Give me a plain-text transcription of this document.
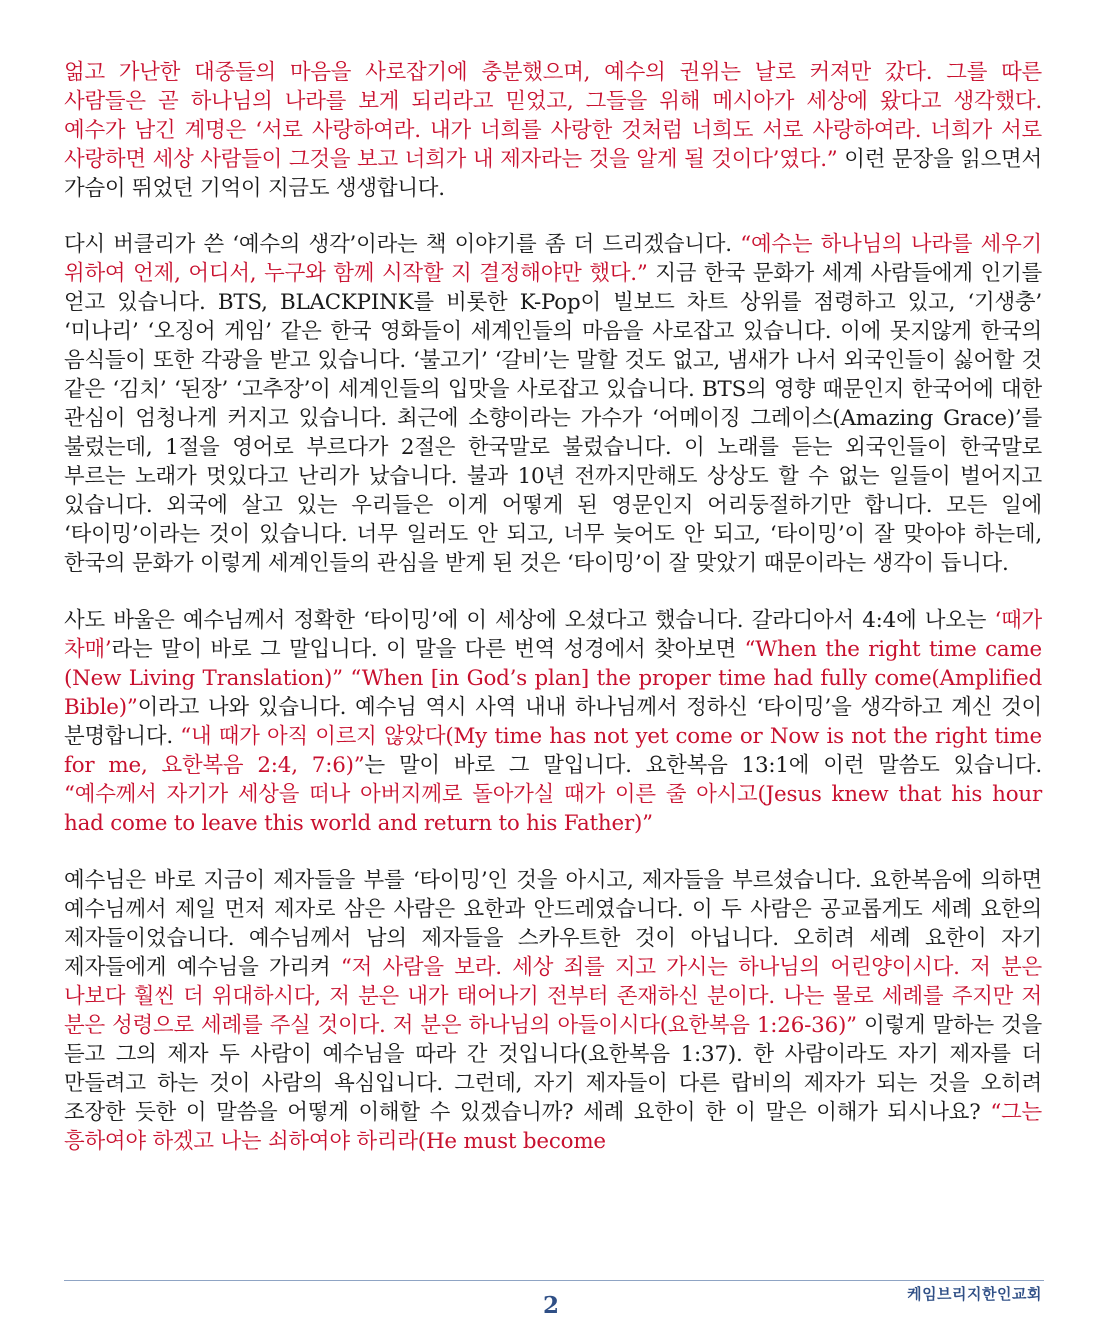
얾고 가난한 대중들의 마음을 사로잡기에 충분했으며, 예수의 권위는 날로 커져만 갔다. 그를 따른 사람들은 곧 하나님의 나라를 보게 되리라고 믿었고, 그들을 위해 메시아가 세상에 왔다고 생각했다. 예수가 남긴 계명은 ‘서로 사랑하여라. 내가 너희를 사랑한 것처럼 너희도 서로 사랑하여라. 너희가 서로 사랑하면 세상 사람들이 그것을 보고 너희가 내 제자라는 것을 알게 될 것이다’였다.” 이런 문장을 읽으면서 가슴이 뛰었던 기억이 지금도 생생합니다.

다시 버클리가 쓴 ‘예수의 생각’이라는 책 이야기를 좀 더 드리겠습니다. “예수는 하나님의 나라를 세우기 위하여 언제, 어디서, 누구와 함께 시작할 지 결정해야만 했다.” 지금 한국 문화가 세계 사람들에게 인기를 얻고 있습니다. BTS, BLACKPINK를 비롯한 K-Pop이 빌보드 차트 상위를 점령하고 있고, ‘기생충’ ‘미나리’ ‘오징어 게임’ 같은 한국 영화들이 세계인들의 마음을 사로잡고 있습니다. 이에 못지않게 한국의 음식들이 또한 각광을 받고 있습니다. ‘불고기’ ‘갈비’는 말할 것도 없고, 냄새가 나서 외국인들이 싫어할 것 같은 ‘김치’ ‘된장’ ‘고추장’이 세계인들의 입맛을 사로잡고 있습니다. BTS의 영향 때문인지 한국어에 대한 관심이 엄청나게 커지고 있습니다. 최근에 소향이라는 가수가 ‘어메이징 그레이스(Amazing Grace)’를 불렀는데, 1절을 영어로 부르다가 2절은 한국말로 불렀습니다. 이 노래를 듣는 외국인들이 한국말로 부르는 노래가 멋있다고 난리가 났습니다. 불과 10년 전까지만해도 상상도 할 수 없는 일들이 벌어지고 있습니다. 외국에 살고 있는 우리들은 이게 어떻게 된 영문인지 어리둥절하기만 합니다. 모든 일에 ‘타이밍’이라는 것이 있습니다. 너무 일러도 안 되고, 너무 늦어도 안 되고, ‘타이밍’이 잘 맞아야 하는데, 한국의 문화가 이렇게 세계인들의 관심을 받게 된 것은 ‘타이밍’이 잘 맞았기 때문이라는 생각이 듭니다.

사도 바울은 예수님께서 정확한 ‘타이밍’에 이 세상에 오셨다고 했습니다. 갈라디아서 4:4에 나오는 ‘때가 차매’라는 말이 바로 그 말입니다. 이 말을 다른 번역 성경에서 찾아보면 “When the right time came (New Living Translation)” “When [in God’s plan] the proper time had fully come(Amplified Bible)”이라고 나와 있습니다. 예수님 역시 사역 내내 하나님께서 정하신 ‘타이밍’을 생각하고 계신 것이 분명합니다. “내 때가 아직 이르지 않았다(My time has not yet come or Now is not the right time for me, 요한복음 2:4, 7:6)”는 말이 바로 그 말입니다. 요한복음 13:1에 이런 말씀도 있습니다. “예수께서 자기가 세상을 떠나 아버지께로 돌아가실 때가 이른 줄 아시고(Jesus knew that his hour had come to leave this world and return to his Father)”

예수님은 바로 지금이 제자들을 부를 ‘타이밍’인 것을 아시고, 제자들을 부르셨습니다. 요한복음에 의하면 예수님께서 제일 먼저 제자로 삼은 사람은 요한과 안드레였습니다. 이 두 사람은 공교롭게도 세례 요한의 제자들이었습니다. 예수님께서 남의 제자들을 스카우트한 것이 아닙니다. 오히려 세례 요한이 자기 제자들에게 예수님을 가리켜 “저 사람을 보라. 세상 죄를 지고 가시는 하나님의 어린양이시다. 저 분은 나보다 훨씬 더 위대하시다, 저 분은 내가 태어나기 전부터 존재하신 분이다. 나는 물로 세례를 주지만 저 분은 성령으로 세례를 주실 것이다. 저 분은 하나님의 아들이시다(요한복음 1:26-36)” 이렇게 말하는 것을 듣고 그의 제자 두 사람이 예수님을 따라 간 것입니다(요한복음 1:37). 한 사람이라도 자기 제자를 더 만들려고 하는 것이 사람의 욕심입니다. 그런데, 자기 제자들이 다른 랍비의 제자가 되는 것을 오히려 조장한 듯한 이 말씀을 어떻게 이해할 수 있겠습니까? 세례 요한이 한 이 말은 이해가 되시나요? “그는 흥하여야 하겠고 나는 쇠하여야 하리라(He must become

2	케임브리지한인교회
